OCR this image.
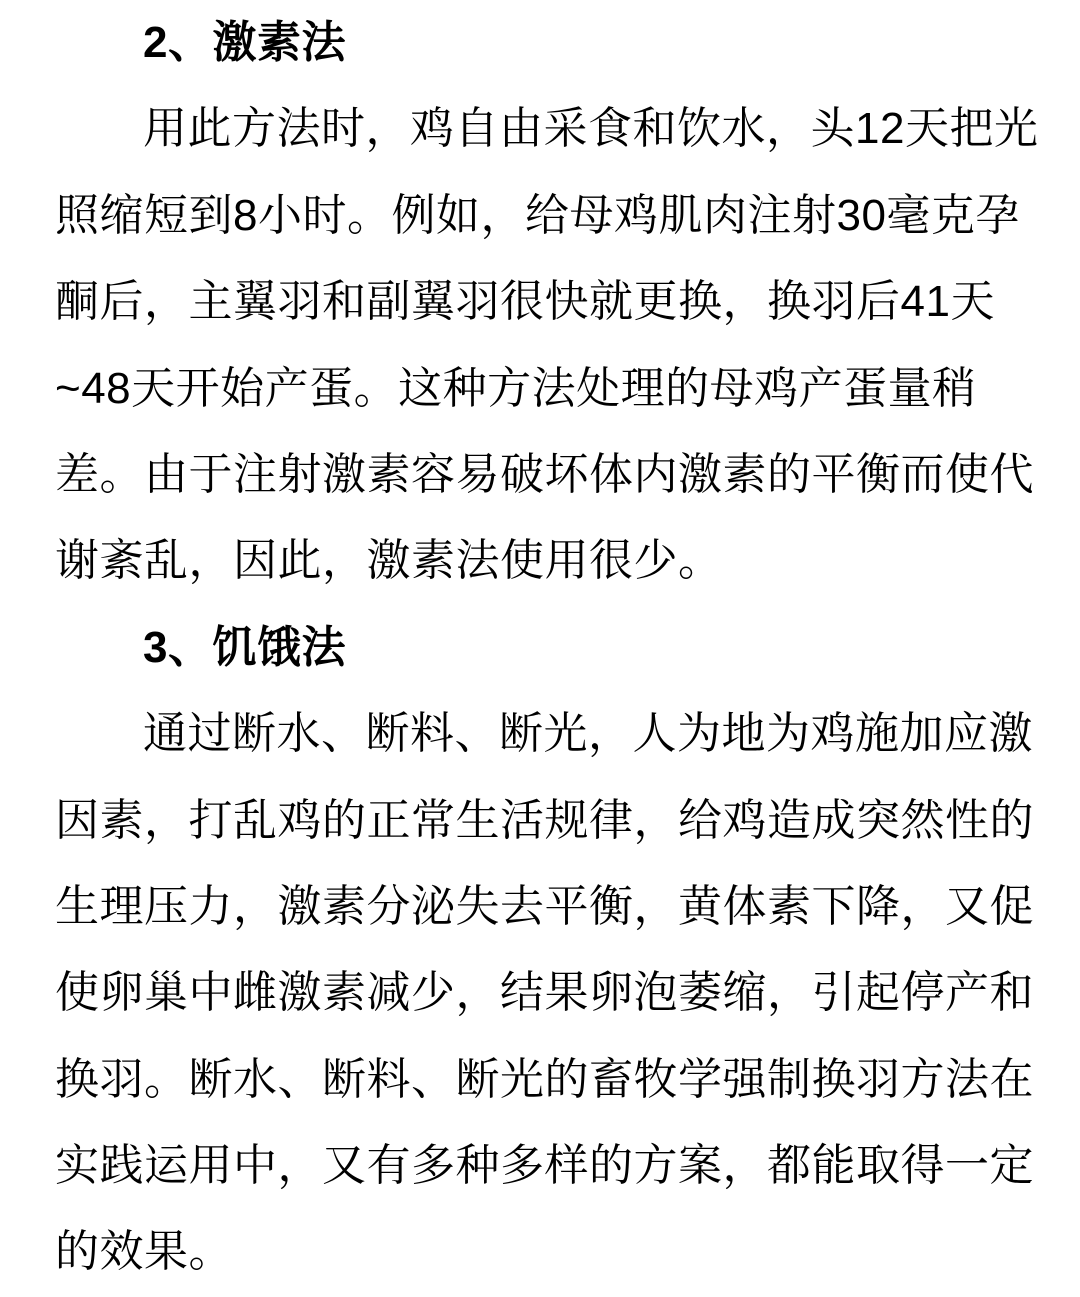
2、激素法
用此方法时，鸡自由采食和饮水，头12天把光
照缩短到8小时。例如，给母鸡肌肉注射30毫克孕
酮后，主翼羽和副翼羽很快就更换，换羽后41天
~48天开始产蛋。这种方法处理的母鸡产蛋量稍
差。由于注射激素容易破坏体内激素的平衡而使代
谢紊乱，因此，激素法使用很少。
3、饥饿法
通过断水、断料、断光，人为地为鸡施加应激
因素，打乱鸡的正常生活规律，给鸡造成突然性的
生理压力，激素分泌失去平衡，黄体素下降，又促
使卵巢中雌激素减少，结果卵泡萎缩，引起停产和
换羽。断水、断料、断光的畜牧学强制换羽方法在
实践运用中，又有多种多样的方案，都能取得一定
的效果。
